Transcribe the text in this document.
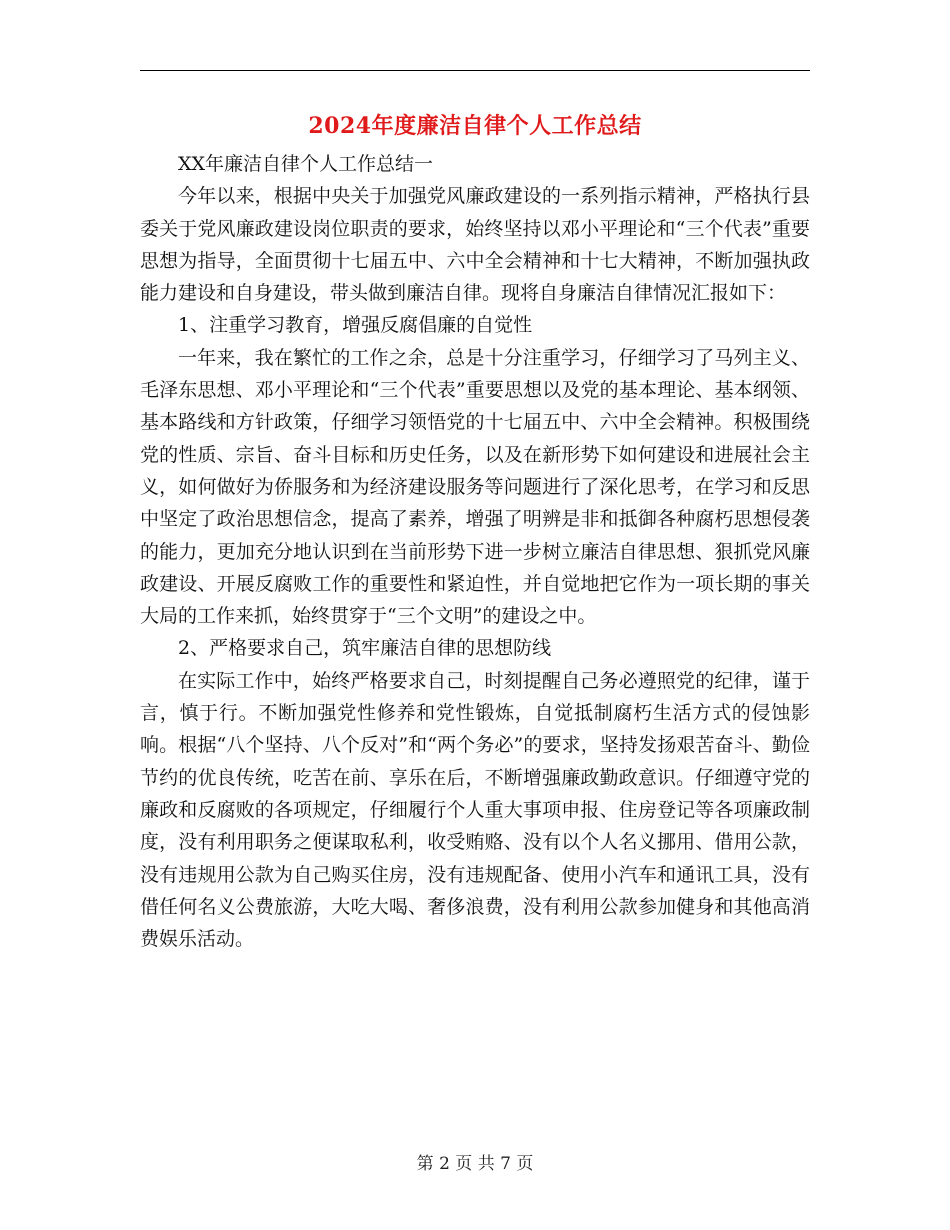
2024年度廉洁自律个人工作总结

XX年廉洁自律个人工作总结一

今年以来，根据中央关于加强党风廉政建设的一系列指示精神，严格执行县委关于党风廉政建设岗位职责的要求，始终坚持以邓小平理论和“三个代表”重要思想为指导，全面贯彻十七届五中、六中全会精神和十七大精神，不断加强执政能力建设和自身建设，带头做到廉洁自律。现将自身廉洁自律情况汇报如下：

1、注重学习教育，增强反腐倡廉的自觉性

一年来，我在繁忙的工作之余，总是十分注重学习，仔细学习了马列主义、毛泽东思想、邓小平理论和“三个代表”重要思想以及党的基本理论、基本纲领、基本路线和方针政策，仔细学习领悟党的十七届五中、六中全会精神。积极围绕党的性质、宗旨、奋斗目标和历史任务，以及在新形势下如何建设和进展社会主义，如何做好为侨服务和为经济建设服务等问题进行了深化思考，在学习和反思中坚定了政治思想信念，提高了素养，增强了明辨是非和抵御各种腐朽思想侵袭的能力，更加充分地认识到在当前形势下进一步树立廉洁自律思想、狠抓党风廉政建设、开展反腐败工作的重要性和紧迫性，并自觉地把它作为一项长期的事关大局的工作来抓，始终贯穿于“三个文明”的建设之中。

2、严格要求自己，筑牢廉洁自律的思想防线

在实际工作中，始终严格要求自己，时刻提醒自己务必遵照党的纪律，谨于言，慎于行。不断加强党性修养和党性锻炼，自觉抵制腐朽生活方式的侵蚀影响。根据“八个坚持、八个反对”和“两个务必”的要求，坚持发扬艰苦奋斗、勤俭节约的优良传统，吃苦在前、享乐在后，不断增强廉政勤政意识。仔细遵守党的廉政和反腐败的各项规定，仔细履行个人重大事项申报、住房登记等各项廉政制度，没有利用职务之便谋取私利，收受贿赂、没有以个人名义挪用、借用公款，没有违规用公款为自己购买住房，没有违规配备、使用小汽车和通讯工具，没有借任何名义公费旅游，大吃大喝、奢侈浪费，没有利用公款参加健身和其他高消费娱乐活动。

第 2 页 共 7 页
